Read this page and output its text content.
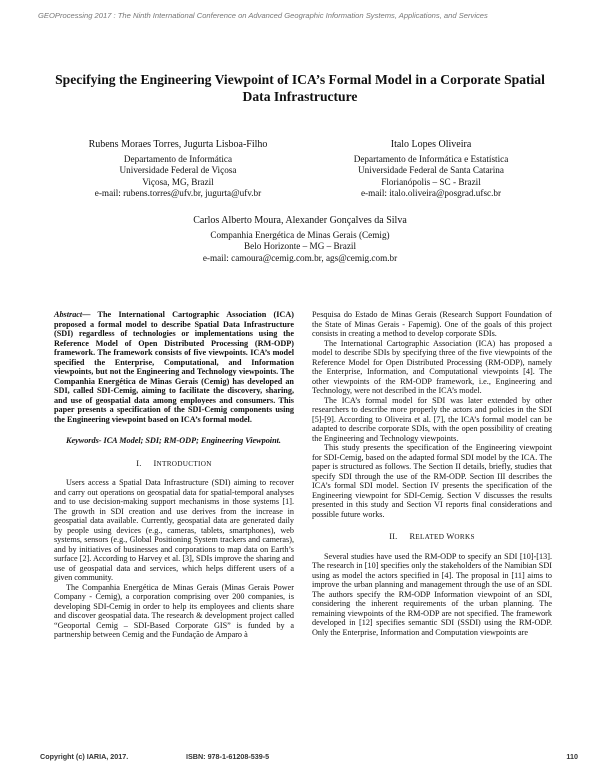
GEOProcessing 2017 : The Ninth International Conference on Advanced Geographic Information Systems, Applications, and Services
Specifying the Engineering Viewpoint of ICA’s Formal Model in a Corporate Spatial Data Infrastructure
Rubens Moraes Torres, Jugurta Lisboa-Filho
Departamento de Informática
Universidade Federal de Viçosa
Viçosa, MG, Brazil
e-mail: rubens.torres@ufv.br, jugurta@ufv.br
Italo Lopes Oliveira
Departamento de Informática e Estatística
Universidade Federal de Santa Catarina
Florianópolis – SC - Brazil
e-mail: italo.oliveira@posgrad.ufsc.br
Carlos Alberto Moura, Alexander Gonçalves da Silva
Companhia Energética de Minas Gerais (Cemig)
Belo Horizonte – MG – Brazil
e-mail: camoura@cemig.com.br, ags@cemig.com.br

Abstract— The International Cartographic Association (ICA) proposed a formal model to describe Spatial Data Infrastructure (SDI) regardless of technologies or implementations using the Reference Model of Open Distributed Processing (RM-ODP) framework. The framework consists of five viewpoints. ICA’s model specified the Enterprise, Computational, and Information viewpoints, but not the Engineering and Technology viewpoints. The Companhia Energética de Minas Gerais (Cemig) has developed an SDI, called SDI-Cemig, aiming to facilitate the discovery, sharing, and use of geospatial data among employees and consumers. This paper presents a specification of the SDI-Cemig components using the Engineering viewpoint based on ICA’s formal model.

Keywords- ICA Model; SDI; RM-ODP; Engineering Viewpoint.

I. INTRODUCTION

Users access a Spatial Data Infrastructure (SDI) aiming to recover and carry out operations on geospatial data for spatial-temporal analyses and to use decision-making support mechanisms in those systems [1]. The growth in SDI creation and use derives from the increase in geospatial data available. Currently, geospatial data are generated daily by people using devices (e.g., cameras, tablets, smartphones), web systems, sensors (e.g., Global Positioning System trackers and cameras), and by initiatives of businesses and corporations to map data on Earth’s surface [2]. According to Harvey et al. [3], SDIs improve the sharing and use of geospatial data and services, which helps different users of a given community.

The Companhia Energética de Minas Gerais (Minas Gerais Power Company - Cemig), a corporation comprising over 200 companies, is developing SDI-Cemig in order to help its employees and clients share and discover geospatial data. The research & development project called “Geoportal Cemig – SDI-Based Corporate GIS” is funded by a partnership between Cemig and the Fundação de Amparo à

Pesquisa do Estado de Minas Gerais (Research Support Foundation of the State of Minas Gerais - Fapemig). One of the goals of this project consists in creating a method to develop corporate SDIs.

The International Cartographic Association (ICA) has proposed a model to describe SDIs by specifying three of the five viewpoints of the Reference Model for Open Distributed Processing (RM-ODP), namely the Enterprise, Information, and Computational viewpoints [4]. The other viewpoints of the RM-ODP framework, i.e., Engineering and Technology, were not described in the ICA’s model.

The ICA’s formal model for SDI was later extended by other researchers to describe more properly the actors and policies in the SDI [5]-[9]. According to Oliveira et al. [7], the ICA’s formal model can be adapted to describe corporate SDIs, with the open possibility of creating the Engineering and Technology viewpoints.

This study presents the specification of the Engineering viewpoint for SDI-Cemig, based on the adapted formal SDI model by the ICA. The paper is structured as follows. The Section II details, briefly, studies that specify SDI through the use of the RM-ODP. Section III describes the ICA’s formal SDI model. Section IV presents the specification of the Engineering viewpoint for SDI-Cemig. Section V discusses the results presented in this study and Section VI reports final considerations and possible future works.

II. RELATED WORKS

Several studies have used the RM-ODP to specify an SDI [10]-[13]. The research in [10] specifies only the stakeholders of the Namibian SDI using as model the actors specified in [4]. The proposal in [11] aims to improve the urban planning and management through the use of an SDI. The authors specify the RM-ODP Information viewpoint of an SDI, considering the inherent requirements of the urban planning. The remaining viewpoints of the RM-ODP are not specified. The framework developed in [12] specifies semantic SDI (SSDI) using the RM-ODP. Only the Enterprise, Information and Computation viewpoints are

Copyright (c) IARIA, 2017.	ISBN: 978-1-61208-539-5	110
